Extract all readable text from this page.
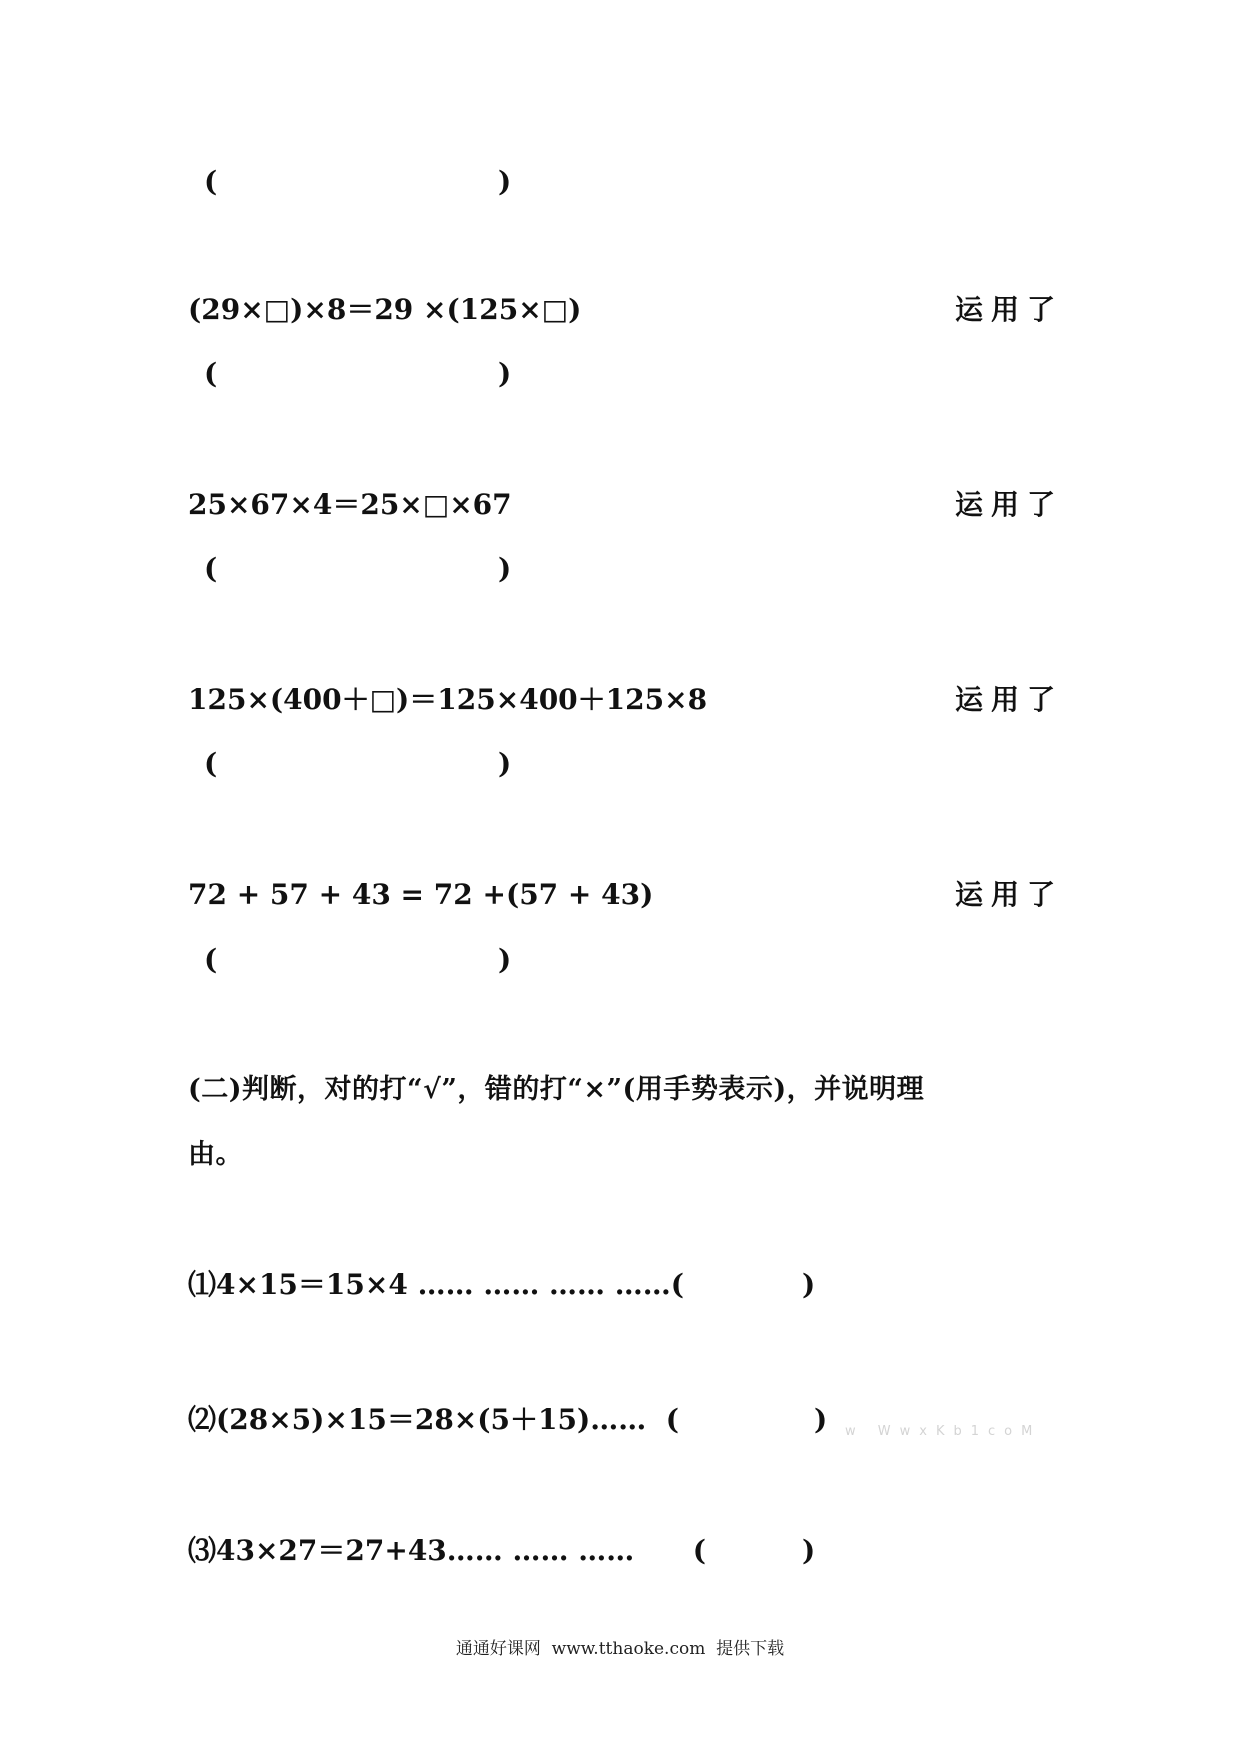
(	)
(29×□)×8＝29 ×(125×□)	运用了
(	)
25×67×4＝25×□×67	运用了
(	)
125×(400＋□)＝125×400＋125×8	运用了
(	)
72 + 57 + 43 = 72 +(57 + 43)	运用了
(	)
(二)判断，对的打“√”，错的打“×”(用手势表示)，并说明理
由。
⑴4×15＝15×4 …… …… …… ……(	)
⑵(28×5)×15＝28×(5＋15)……  (	) w WwxKb1coM
⑶43×27＝27+43…… …… ……      (	)
通通好课网  www.tthaoke.com  提供下载
